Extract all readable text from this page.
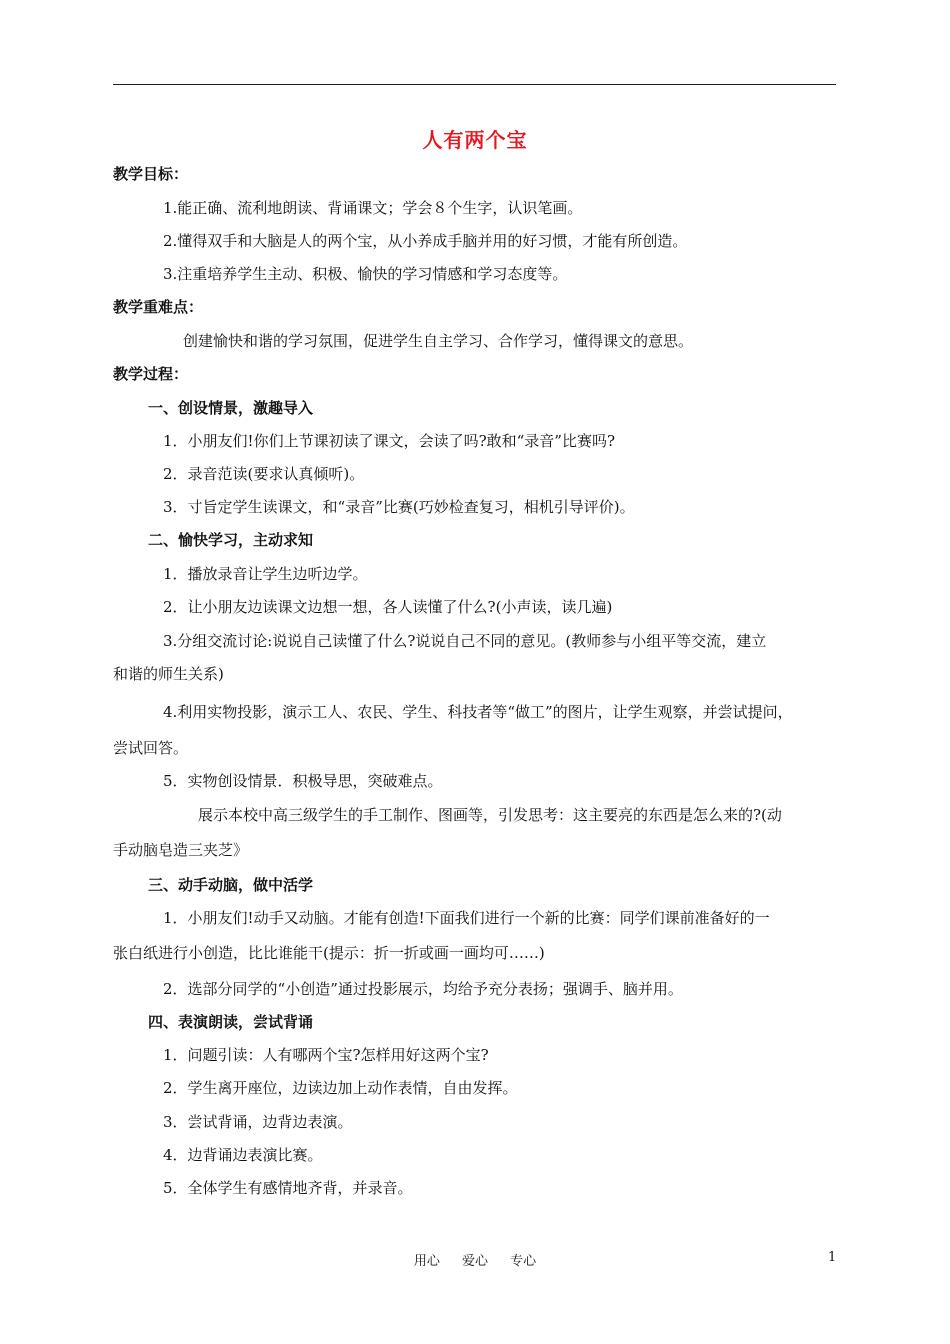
人有两个宝
教学目标：
1.能正确、流利地朗读、背诵课文；学会８个生字，认识笔画。
2.懂得双手和大脑是人的两个宝，从小养成手脑并用的好习惯，才能有所创造。
3.注重培养学生主动、积极、愉快的学习情感和学习态度等。
教学重难点：
创建愉快和谐的学习氛围，促进学生自主学习、合作学习，懂得课文的意思。
教学过程：
一、创设情景，激趣导入
1．小朋友们!你们上节课初读了课文，会读了吗?敢和“录音”比赛吗?
2．录音范读(要求认真倾听)。
3．寸旨定学生读课文，和“录音”比赛(巧妙检查复习，相机引导评价)。
二、愉快学习，主动求知
1．播放录音让学生边听边学。
2．让小朋友边读课文边想一想，各人读懂了什么?(小声读，读几遍)
3.分组交流讨论:说说自己读懂了什么?说说自己不同的意见。(教师参与小组平等交流，建立
和谐的师生关系)
4.利用实物投影，演示工人、农民、学生、科技者等“做工”的图片，让学生观察，并尝试提问，
尝试回答。
5．实物创设情景．积极导思，突破难点。
展示本校中高三级学生的手工制作、图画等，引发思考：这主要亮的东西是怎么来的?(动
手动脑皂造三夹芝》
三、动手动脑，做中活学
1．小朋友们!动手又动脑。才能有创造!下面我们进行一个新的比赛：同学们课前准备好的一
张白纸进行小创造，比比谁能干(提示：折一折或画一画均可……)
2．选部分同学的“小创造”通过投影展示，均给予充分表扬；强调手、脑并用。
四、表演朗读，尝试背诵
1．问题引读：人有哪两个宝?怎样用好这两个宝?
2．学生离开座位，边读边加上动作表情，自由发挥。
3．尝试背诵，边背边表演。
4．边背诵边表演比赛。
5．全体学生有感情地齐背，并录音。
用心 爱心 专心	1
